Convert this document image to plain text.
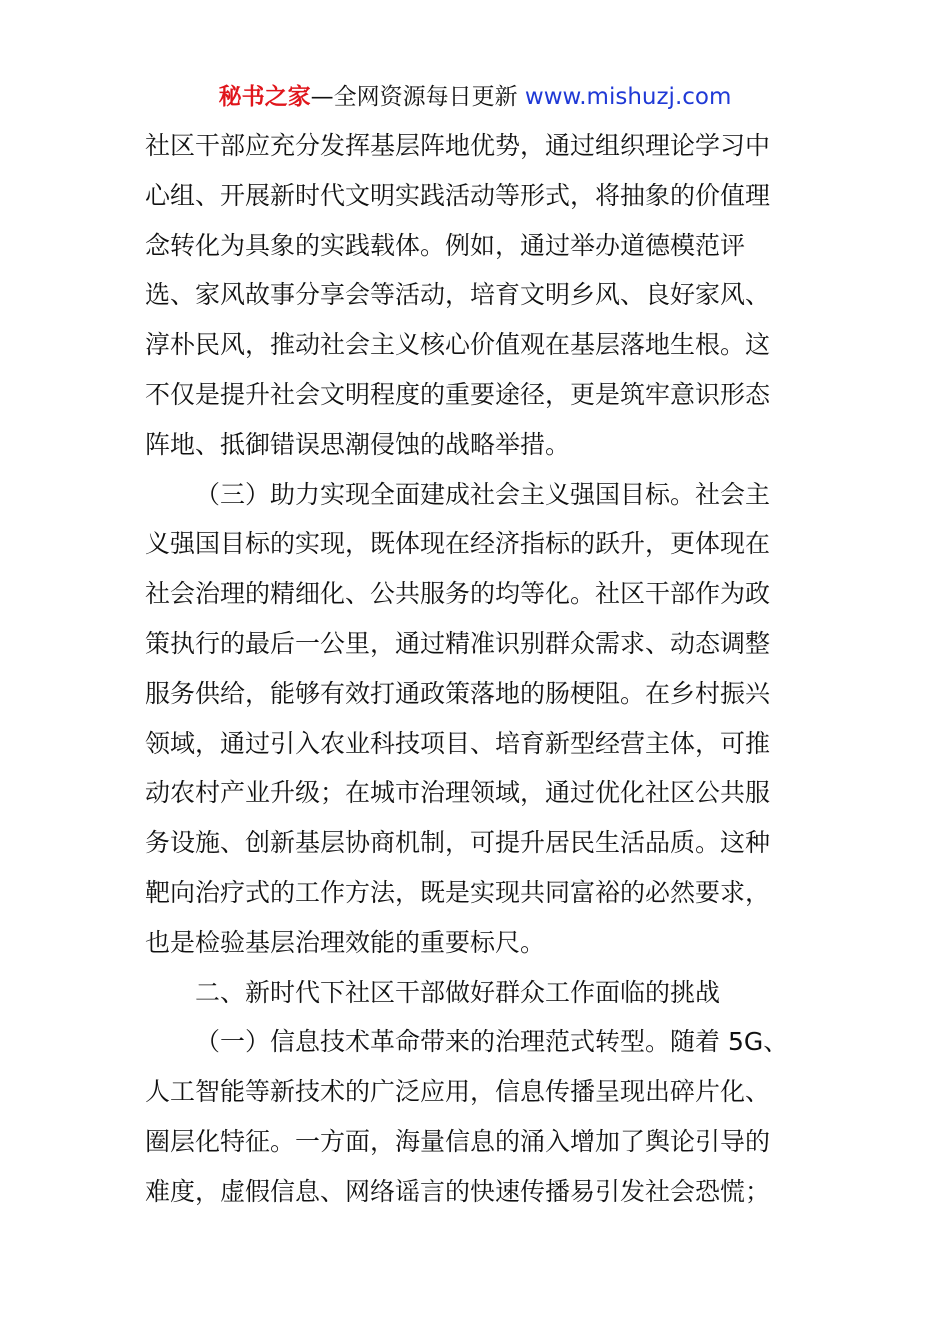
秘书之家—全网资源每日更新 www.mishuzj.com
社区干部应充分发挥基层阵地优势，通过组织理论学习中
心组、开展新时代文明实践活动等形式，将抽象的价值理
念转化为具象的实践载体。例如，通过举办道德模范评
选、家风故事分享会等活动，培育文明乡风、良好家风、
淳朴民风，推动社会主义核心价值观在基层落地生根。这
不仅是提升社会文明程度的重要途径，更是筑牢意识形态
阵地、抵御错误思潮侵蚀的战略举措。
（三）助力实现全面建成社会主义强国目标。社会主
义强国目标的实现，既体现在经济指标的跃升，更体现在
社会治理的精细化、公共服务的均等化。社区干部作为政
策执行的最后一公里，通过精准识别群众需求、动态调整
服务供给，能够有效打通政策落地的肠梗阻。在乡村振兴
领域，通过引入农业科技项目、培育新型经营主体，可推
动农村产业升级；在城市治理领域，通过优化社区公共服
务设施、创新基层协商机制，可提升居民生活品质。这种
靶向治疗式的工作方法，既是实现共同富裕的必然要求，
也是检验基层治理效能的重要标尺。
二、新时代下社区干部做好群众工作面临的挑战
（一）信息技术革命带来的治理范式转型。随着 5G、
人工智能等新技术的广泛应用，信息传播呈现出碎片化、
圈层化特征。一方面，海量信息的涌入增加了舆论引导的
难度，虚假信息、网络谣言的快速传播易引发社会恐慌；
